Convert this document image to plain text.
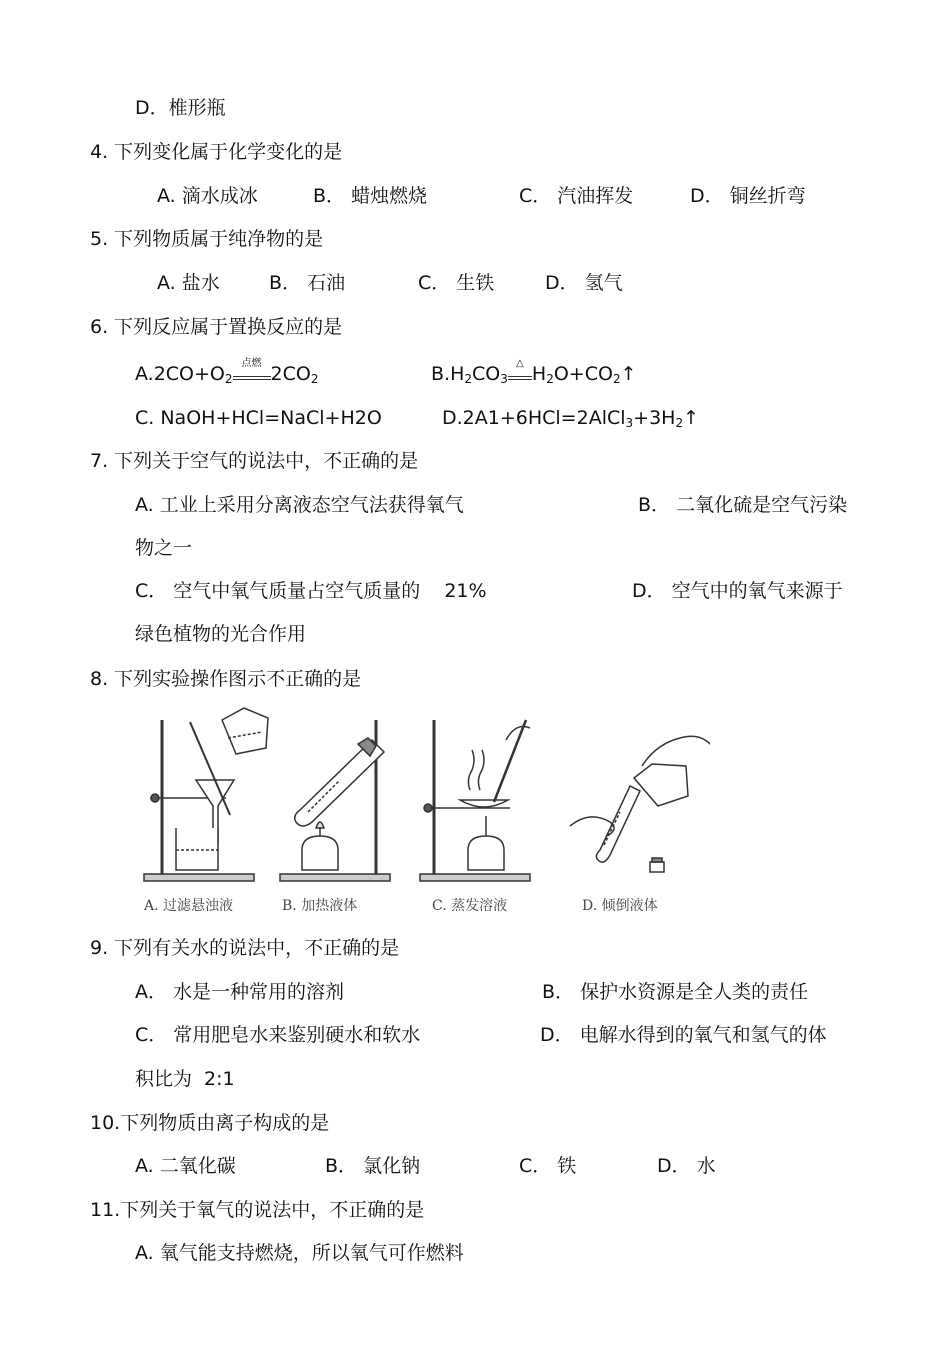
D．椎形瓶
4. 下列变化属于化学变化的是
A. 滴水成冰	B． 蜡烛燃烧	C． 汽油挥发	D． 铜丝折弯
5. 下列物质属于纯净物的是
A. 盐水	B． 石油	C． 生铁	D． 氢气
6. 下列反应属于置换反应的是
$A.2CO+O_2$
点燃 $2CO_2$	$B.H_2CO_3$
△ $H_2O+CO_2↑$
C. NaOH+HCl=NaCl+H2O	$D.2A1+6HCl=2AlCl_3+3H_2↑$
7. 下列关于空气的说法中，不正确的是
A. 工业上采用分离液态空气法获得氧气	B． 二氧化硫是空气污染
物之一
C． 空气中氧气质量占空气质量的 21%	D． 空气中的氧气来源于
绿色植物的光合作用
8. 下列实验操作图示不正确的是
A. 过滤悬浊液	B. 加热液体	C. 蒸发溶液	D. 倾倒液体
9. 下列有关水的说法中，不正确的是
A． 水是一种常用的溶剂	B． 保护水资源是全人类的责任
C． 常用肥皂水来鉴别硬水和软水	D． 电解水得到的氧气和氢气的体
积比为 2:1
10.下列物质由离子构成的是
A. 二氧化碳	B． 氯化钠	C． 铁	D． 水
11.下列关于氧气的说法中，不正确的是
A. 氧气能支持燃烧，所以氧气可作燃料
